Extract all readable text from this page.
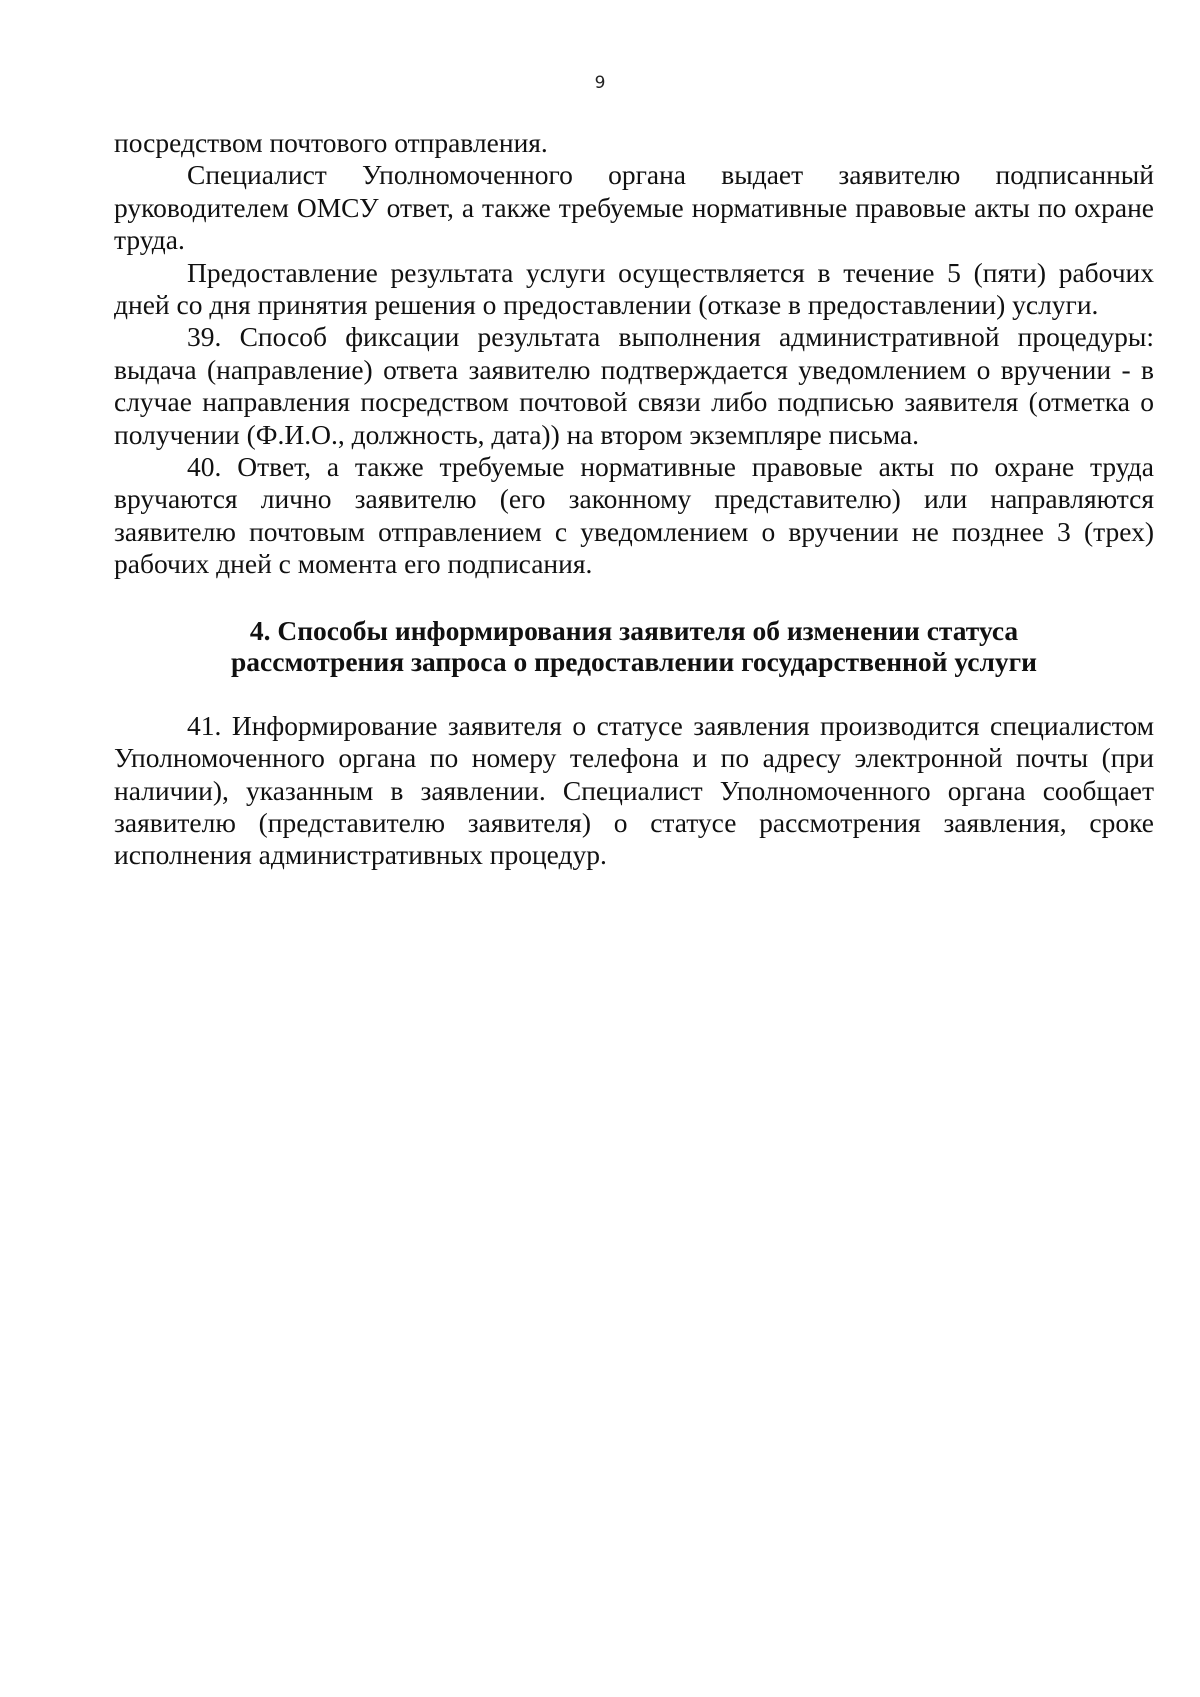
9

посредством почтового отправления.

Специалист Уполномоченного органа выдает заявителю подписанный руководителем ОМСУ ответ, а также требуемые нормативные правовые акты по охране труда.

Предоставление результата услуги осуществляется в течение 5 (пяти) рабочих дней со дня принятия решения о предоставлении (отказе в предоставлении) услуги.

39. Способ фиксации результата выполнения административной процедуры: выдача (направление) ответа заявителю подтверждается уведомлением о вручении - в случае направления посредством почтовой связи либо подписью заявителя (отметка о получении (Ф.И.О., должность, дата)) на втором экземпляре письма.

40. Ответ, а также требуемые нормативные правовые акты по охране труда вручаются лично заявителю (его законному представителю) или направляются заявителю почтовым отправлением с уведомлением о вручении не позднее 3 (трех) рабочих дней с момента его подписания.

4. Способы информирования заявителя об изменении статуса
рассмотрения запроса о предоставлении государственной услуги

41. Информирование заявителя о статусе заявления производится специалистом Уполномоченного органа по номеру телефона и по адресу электронной почты (при наличии), указанным в заявлении. Специалист Уполномоченного органа сообщает заявителю (представителю заявителя) о статусе рассмотрения заявления, сроке исполнения административных процедур.
